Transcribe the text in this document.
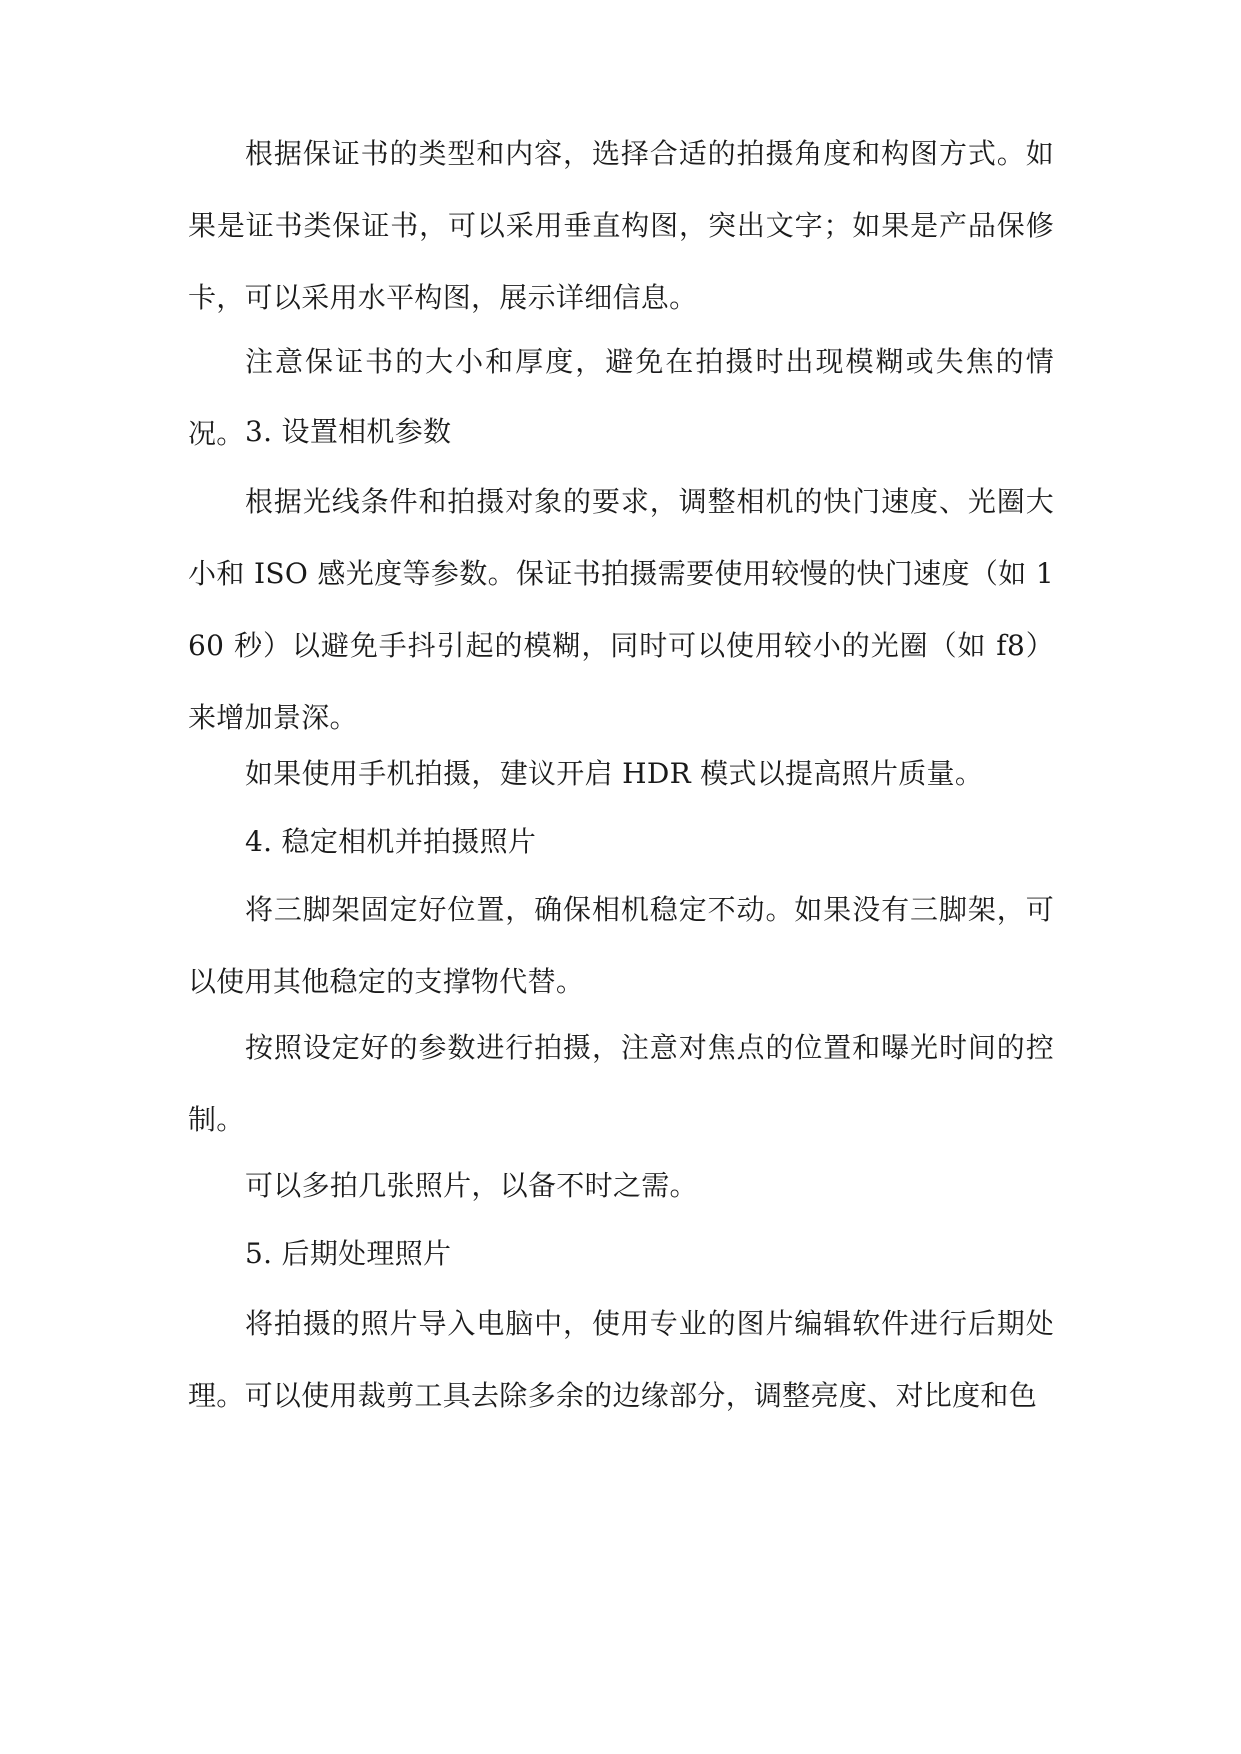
根据保证书的类型和内容，选择合适的拍摄角度和构图方式。如果是证书类保证书，可以采用垂直构图，突出文字；如果是产品保修卡，可以采用水平构图，展示详细信息。

注意保证书的大小和厚度，避免在拍摄时出现模糊或失焦的情况。 3. 设置相机参数

根据光线条件和拍摄对象的要求，调整相机的快门速度、光圈大小和 ISO 感光度等参数。保证书拍摄需要使用较慢的快门速度（如 160 秒）以避免手抖引起的模糊，同时可以使用较小的光圈（如 f8）来增加景深。

如果使用手机拍摄，建议开启 HDR 模式以提高照片质量。

4. 稳定相机并拍摄照片

将三脚架固定好位置，确保相机稳定不动。如果没有三脚架，可以使用其他稳定的支撑物代替。

按照设定好的参数进行拍摄，注意对焦点的位置和曝光时间的控制。

可以多拍几张照片，以备不时之需。

5. 后期处理照片

将拍摄的照片导入电脑中，使用专业的图片编辑软件进行后期处理。可以使用裁剪工具去除多余的边缘部分，调整亮度、对比度和色
